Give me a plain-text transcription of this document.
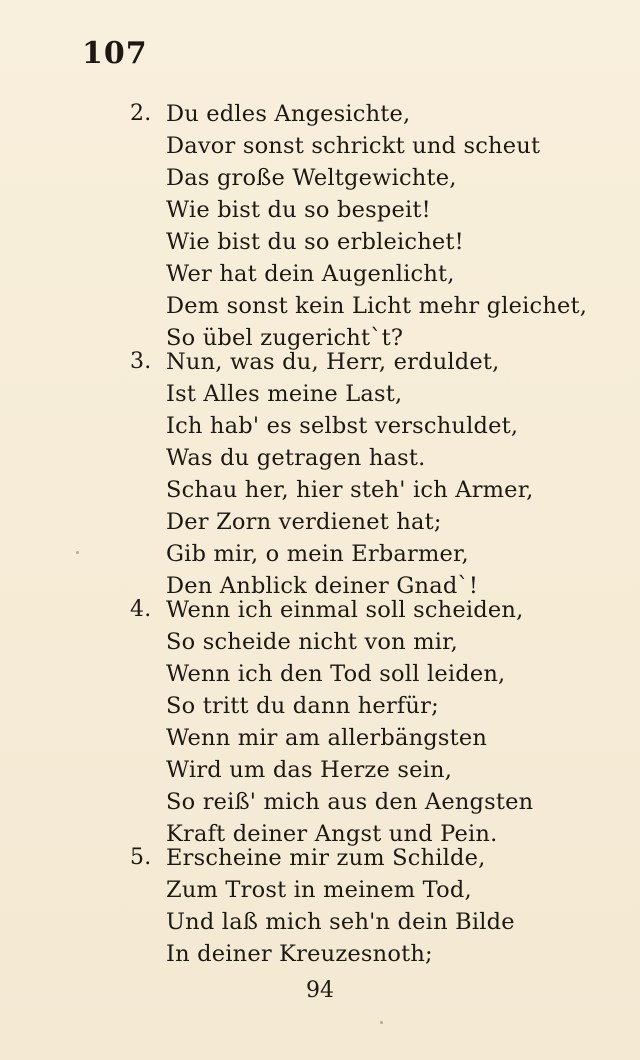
107
2. Du edles Angesichte,
Davor sonst schrickt und scheut
Das große Weltgewichte,
Wie bist du so bespeit!
Wie bist du so erbleichet!
Wer hat dein Augenlicht,
Dem sonst kein Licht mehr gleichet,
So übel zugericht`t?
3. Nun, was du, Herr, erduldet,
Ist Alles meine Last,
Ich hab' es selbst verschuldet,
Was du getragen hast.
Schau her, hier steh' ich Armer,
Der Zorn verdienet hat;
Gib mir, o mein Erbarmer,
Den Anblick deiner Gnad`!
4. Wenn ich einmal soll scheiden,
So scheide nicht von mir,
Wenn ich den Tod soll leiden,
So tritt du dann herfür;
Wenn mir am allerbängsten
Wird um das Herze sein,
So reiß' mich aus den Aengsten
Kraft deiner Angst und Pein.
5. Erscheine mir zum Schilde,
Zum Trost in meinem Tod,
Und laß mich seh'n dein Bilde
In deiner Kreuzesnoth;
94
